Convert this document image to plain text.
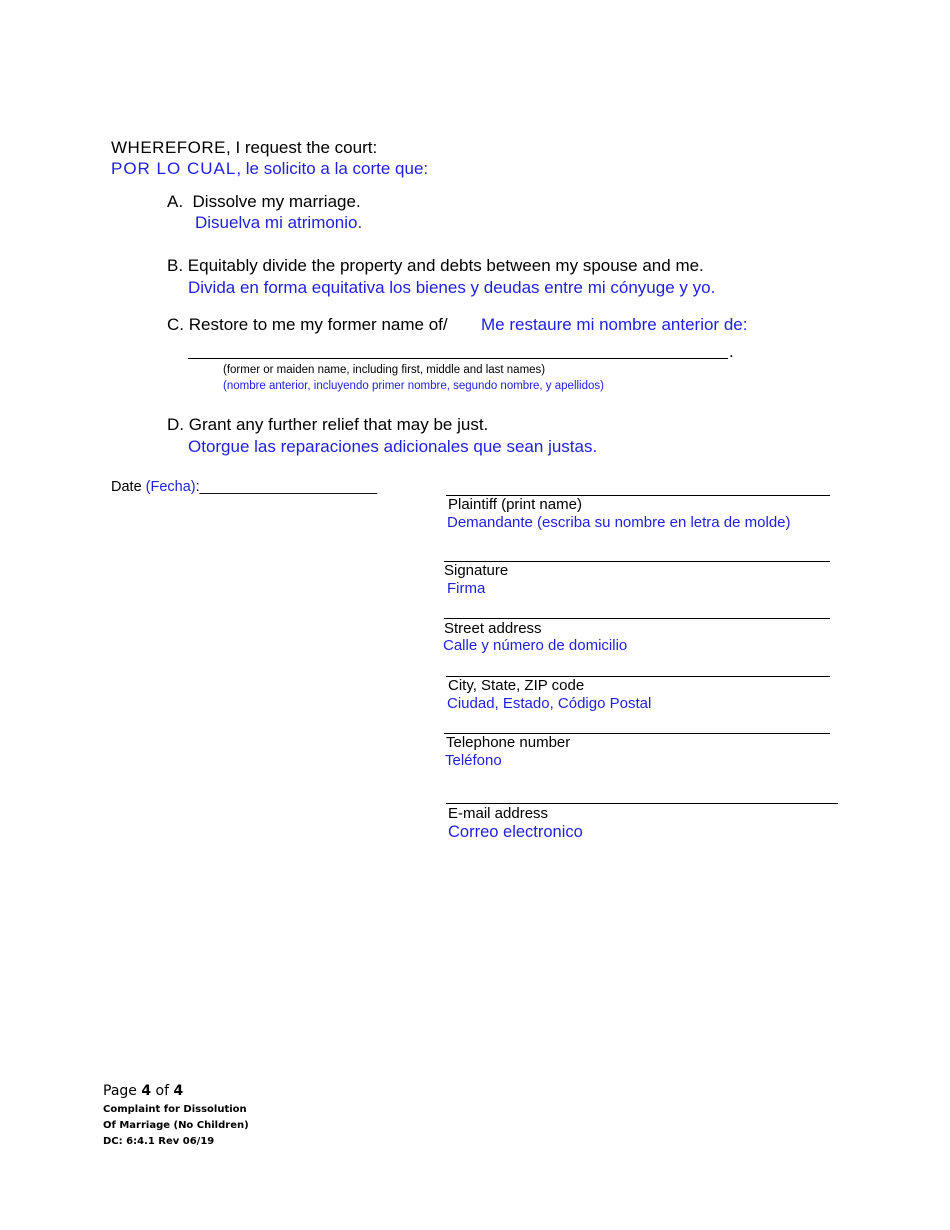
WHEREFORE, I request the court:
POR LO CUAL, le solicito a la corte que:
A. Dissolve my marriage.
Disuelva mi atrimonio.
B. Equitably divide the property and debts between my spouse and me.
Divida en forma equitativa los bienes y deudas entre mi cónyuge y yo.
C. Restore to me my former name of/ Me restaure mi nombre anterior de:
.
(former or maiden name, including first, middle and last names)
(nombre anterior, incluyendo primer nombre, segundo nombre, y apellidos)
D. Grant any further relief that may be just.
Otorgue las reparaciones adicionales que sean justas.
Date (Fecha):______________________
Plaintiff (print name)
Demandante (escriba su nombre en letra de molde)
Signature
Firma
Street address
Calle y número de domicilio
City, State, ZIP code
Ciudad, Estado, Código Postal
Telephone number
Teléfono
E-mail address
Correo electronico
Page 4 of 4
Complaint for Dissolution
Of Marriage (No Children)
DC: 6:4.1 Rev 06/19
